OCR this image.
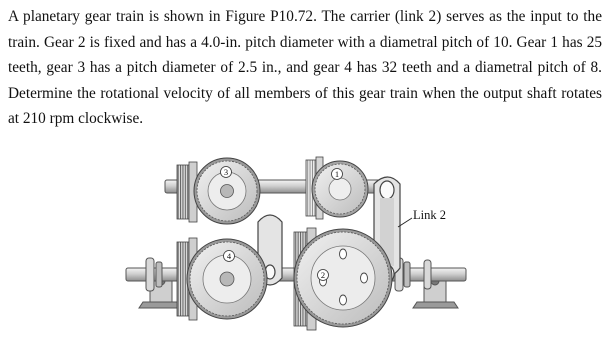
A planetary gear train is shown in Figure P10.72. The carrier (link 2) serves as the input to the train. Gear 2 is fixed and has a 4.0-in. pitch diameter with a diametral pitch of 10. Gear 1 has 25 teeth, gear 3 has a pitch diameter of 2.5 in., and gear 4 has 32 teeth and a diametral pitch of 8. Determine the rotational velocity of all members of this gear train when the output shaft rotates at 210 rpm clockwise.
3
4
1
2
Link 2
